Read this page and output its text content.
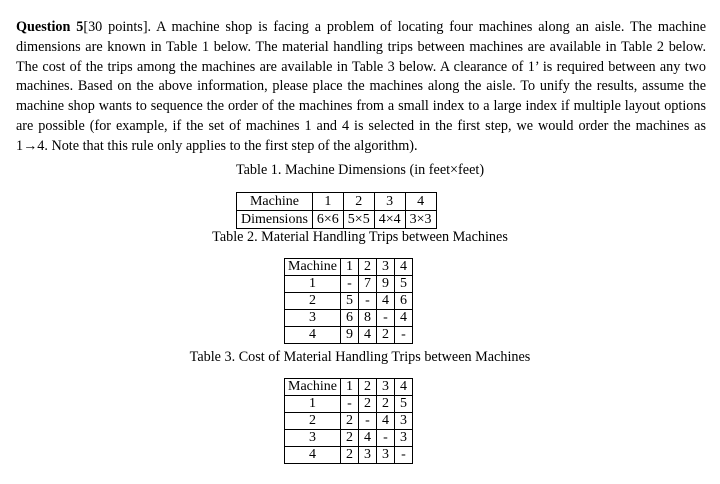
Question 5[30 points]. A machine shop is facing a problem of locating four machines along an aisle. The machine dimensions are known in Table 1 below. The material handling trips between machines are available in Table 2 below. The cost of the trips among the machines are available in Table 3 below. A clearance of 1’ is required between any two machines. Based on the above information, please place the machines along the aisle. To unify the results, assume the machine shop wants to sequence the order of the machines from a small index to a large index if multiple layout options are possible (for example, if the set of machines 1 and 4 is selected in the first step, we would order the machines as 1→4. Note that this rule only applies to the first step of the algorithm).
Table 1. Machine Dimensions (in feet×feet)
Machine	1	2	3	4
Dimensions	6×6	5×5	4×4	3×3
Table 2. Material Handling Trips between Machines
Machine	1	2	3	4
1	-	7	9	5
2	5	-	4	6
3	6	8	-	4
4	9	4	2	-
Table 3. Cost of Material Handling Trips between Machines
Machine	1	2	3	4
1	-	2	2	5
2	2	-	4	3
3	2	4	-	3
4	2	3	3	-
